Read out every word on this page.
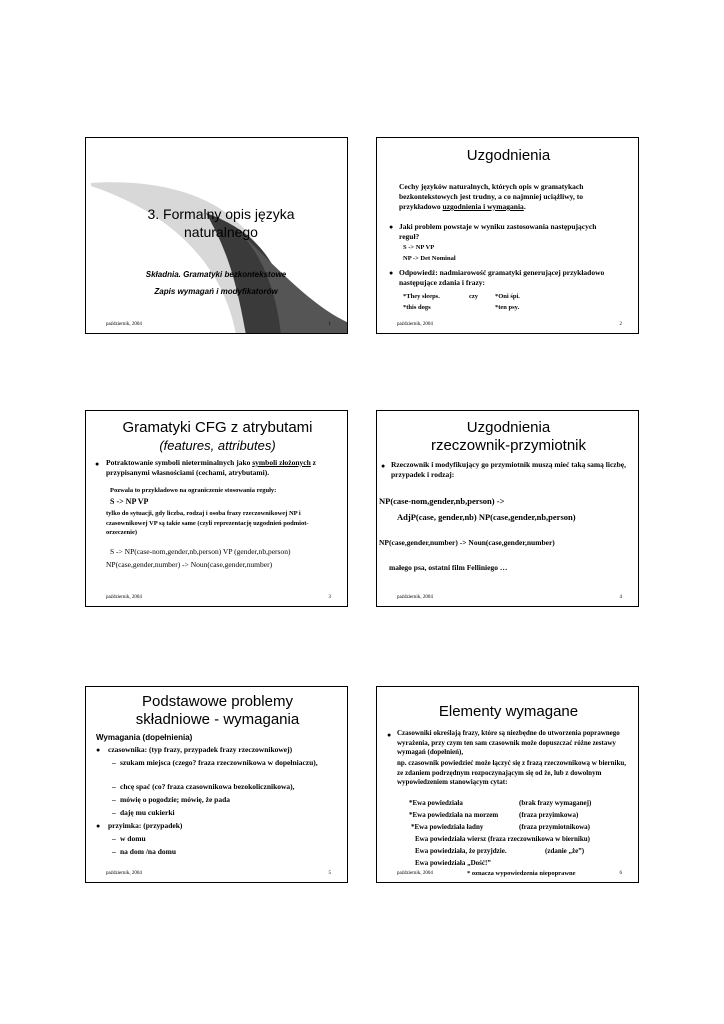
3. Formalny opis języka
naturalnego
Składnia. Gramatyki bezkontekstowe
Zapis wymagań i modyfikatorów
październik, 2004	1
Uzgodnienia
Cechy języków naturalnych, których opis w gramatykach bezkontekstowych jest trudny, a co najmniej uciążliwy, to przykładowo uzgodnienia i wymagania.
● Jaki problem powstaje w wyniku zastosowania następujących reguł?
S -> NP VP
NP -> Det Nominal
● Odpowiedź: nadmiarowość gramatyki generującej przykładowo następujące zdania i frazy:
*They sleeps.	czy	*Oni śpi.
*this dogs	*ten psy.
październik, 2004	2
Gramatyki CFG z atrybutami
(features, attributes)
● Potraktowanie symboli nieterminalnych jako symboli złożonych z przypisanymi własnościami (cechami, atrybutami).
Pozwala to przykładowo na ograniczenie stosowania reguły:
S -> NP VP
tylko do sytuacji, gdy liczba, rodzaj i osoba frazy rzeczownikowej NP i czasownikowej VP są takie same (czyli reprezentację uzgodnień podmiot-orzeczenie)
S -> NP(case-nom,gender,nb,person) VP (gender,nb,person)
NP(case,gender,number) -> Noun(case,gender,number)
październik, 2004	3
Uzgodnienia
rzeczownik-przymiotnik
● Rzeczownik i modyfikujący go przymiotnik muszą mieć taką samą liczbę, przypadek i rodzaj:
NP(case-nom,gender,nb,person) ->
AdjP(case, gender,nb) NP(case,gender,nb,person)
NP(case,gender,number) -> Noun(case,gender,number)
małego psa, ostatni film Felliniego …
październik, 2004	4
Podstawowe problemy
składniowe - wymagania
Wymagania (dopełnienia)
● czasownika: (typ frazy, przypadek frazy rzeczownikowej)
– szukam miejsca (czego? fraza rzeczownikowa w dopełniaczu),
– chcę spać (co? fraza czasownikowa bezokolicznikowa),
– mówię o pogodzie; mówię, że pada
– daję mu cukierki
● przyimka: (przypadek)
– w domu
– na dom /na domu
październik, 2004	5
Elementy wymagane
● Czasowniki określają frazy, które są niezbędne do utworzenia poprawnego wyrażenia, przy czym ten sam czasownik może dopuszczać różne zestawy wymagań (dopełnień),
np. czasownik powiedzieć może łączyć się z frazą rzeczownikową w bierniku, ze zdaniem podrzędnym rozpoczynającym się od że, lub z dowolnym wypowiedzeniem stanowiącym cytat:
*Ewa powiedziała	(brak frazy wymaganej)
*Ewa powiedziała na morzem	(fraza przyimkowa)
*Ewa powiedziała ładny	(fraza przymiotnikowa)
Ewa powiedziała wiersz (fraza rzeczownikowa w bierniku)
Ewa powiedziała, że przyjdzie.	(zdanie „że”)
Ewa powiedziała „Dość!”
* oznacza wypowiedzenia niepoprawne
październik, 2004	6
